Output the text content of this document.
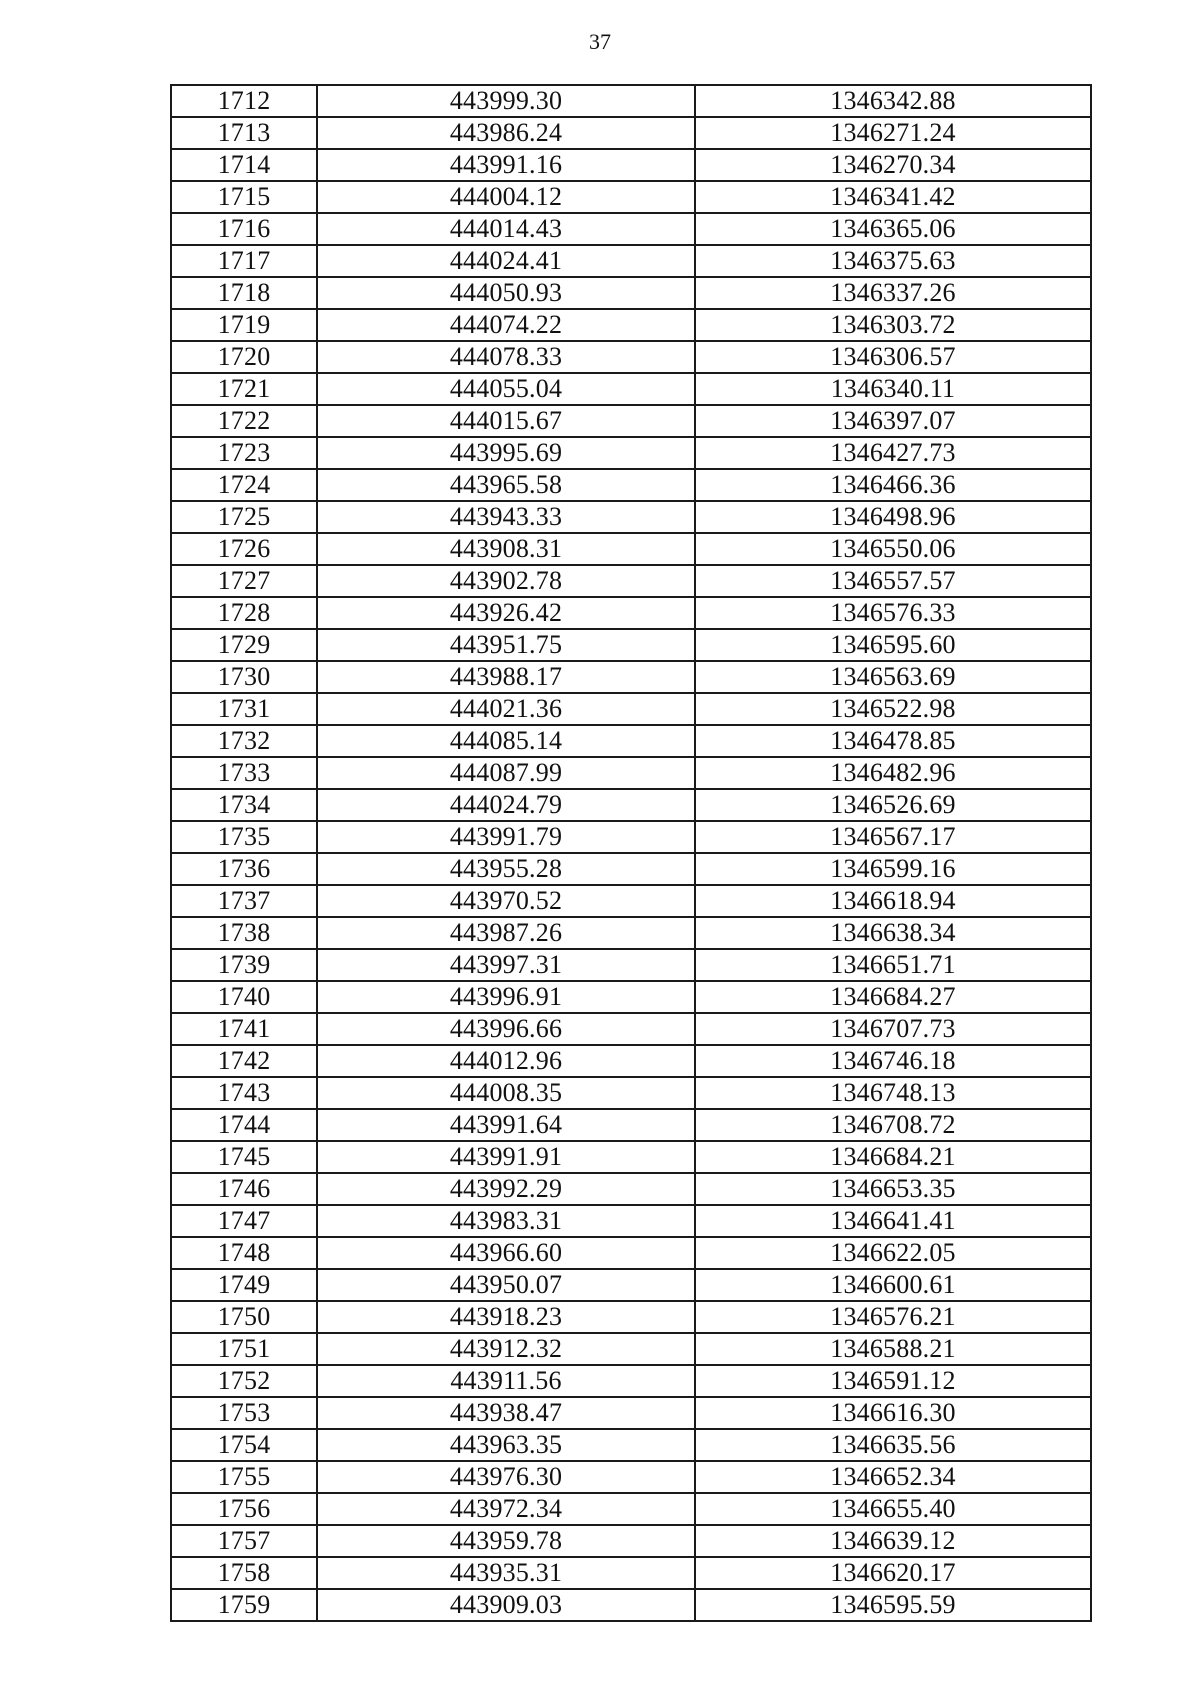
37
1712	443999.30	1346342.88
1713	443986.24	1346271.24
1714	443991.16	1346270.34
1715	444004.12	1346341.42
1716	444014.43	1346365.06
1717	444024.41	1346375.63
1718	444050.93	1346337.26
1719	444074.22	1346303.72
1720	444078.33	1346306.57
1721	444055.04	1346340.11
1722	444015.67	1346397.07
1723	443995.69	1346427.73
1724	443965.58	1346466.36
1725	443943.33	1346498.96
1726	443908.31	1346550.06
1727	443902.78	1346557.57
1728	443926.42	1346576.33
1729	443951.75	1346595.60
1730	443988.17	1346563.69
1731	444021.36	1346522.98
1732	444085.14	1346478.85
1733	444087.99	1346482.96
1734	444024.79	1346526.69
1735	443991.79	1346567.17
1736	443955.28	1346599.16
1737	443970.52	1346618.94
1738	443987.26	1346638.34
1739	443997.31	1346651.71
1740	443996.91	1346684.27
1741	443996.66	1346707.73
1742	444012.96	1346746.18
1743	444008.35	1346748.13
1744	443991.64	1346708.72
1745	443991.91	1346684.21
1746	443992.29	1346653.35
1747	443983.31	1346641.41
1748	443966.60	1346622.05
1749	443950.07	1346600.61
1750	443918.23	1346576.21
1751	443912.32	1346588.21
1752	443911.56	1346591.12
1753	443938.47	1346616.30
1754	443963.35	1346635.56
1755	443976.30	1346652.34
1756	443972.34	1346655.40
1757	443959.78	1346639.12
1758	443935.31	1346620.17
1759	443909.03	1346595.59
